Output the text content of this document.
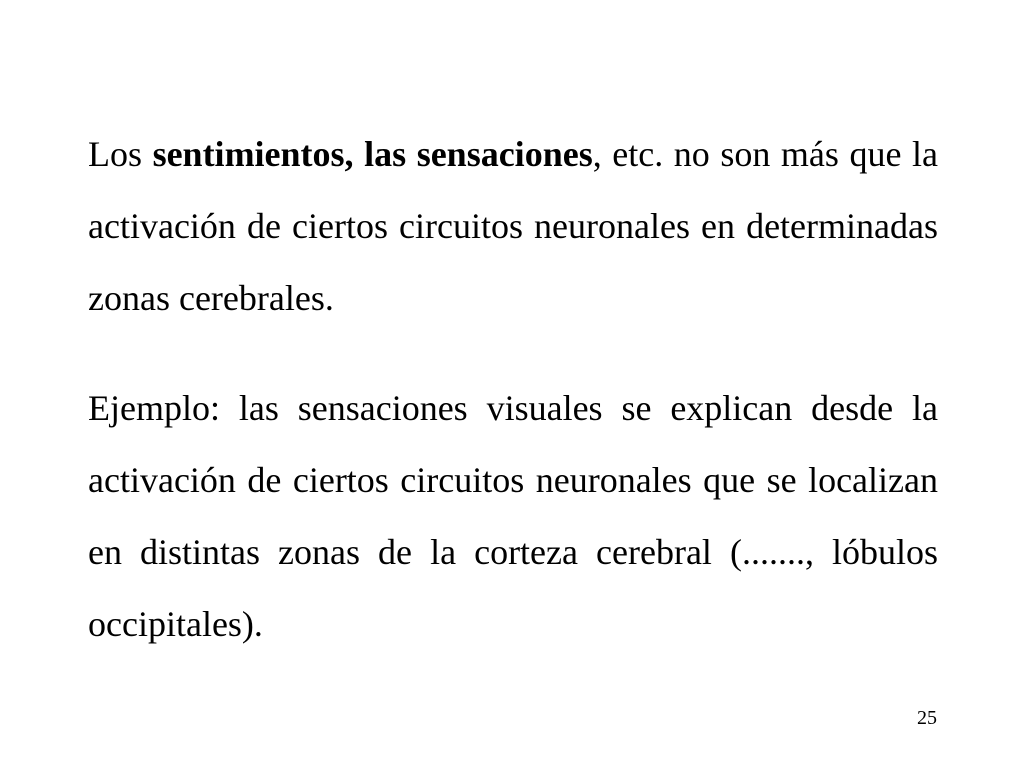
Los sentimientos, las sensaciones, etc. no son más que la activación de ciertos circuitos neuronales en determinadas zonas cerebrales.

Ejemplo: las sensaciones visuales se explican desde la activación de ciertos circuitos neuronales que se localizan en distintas zonas de la corteza cerebral (......., lóbulos occipitales).

25
